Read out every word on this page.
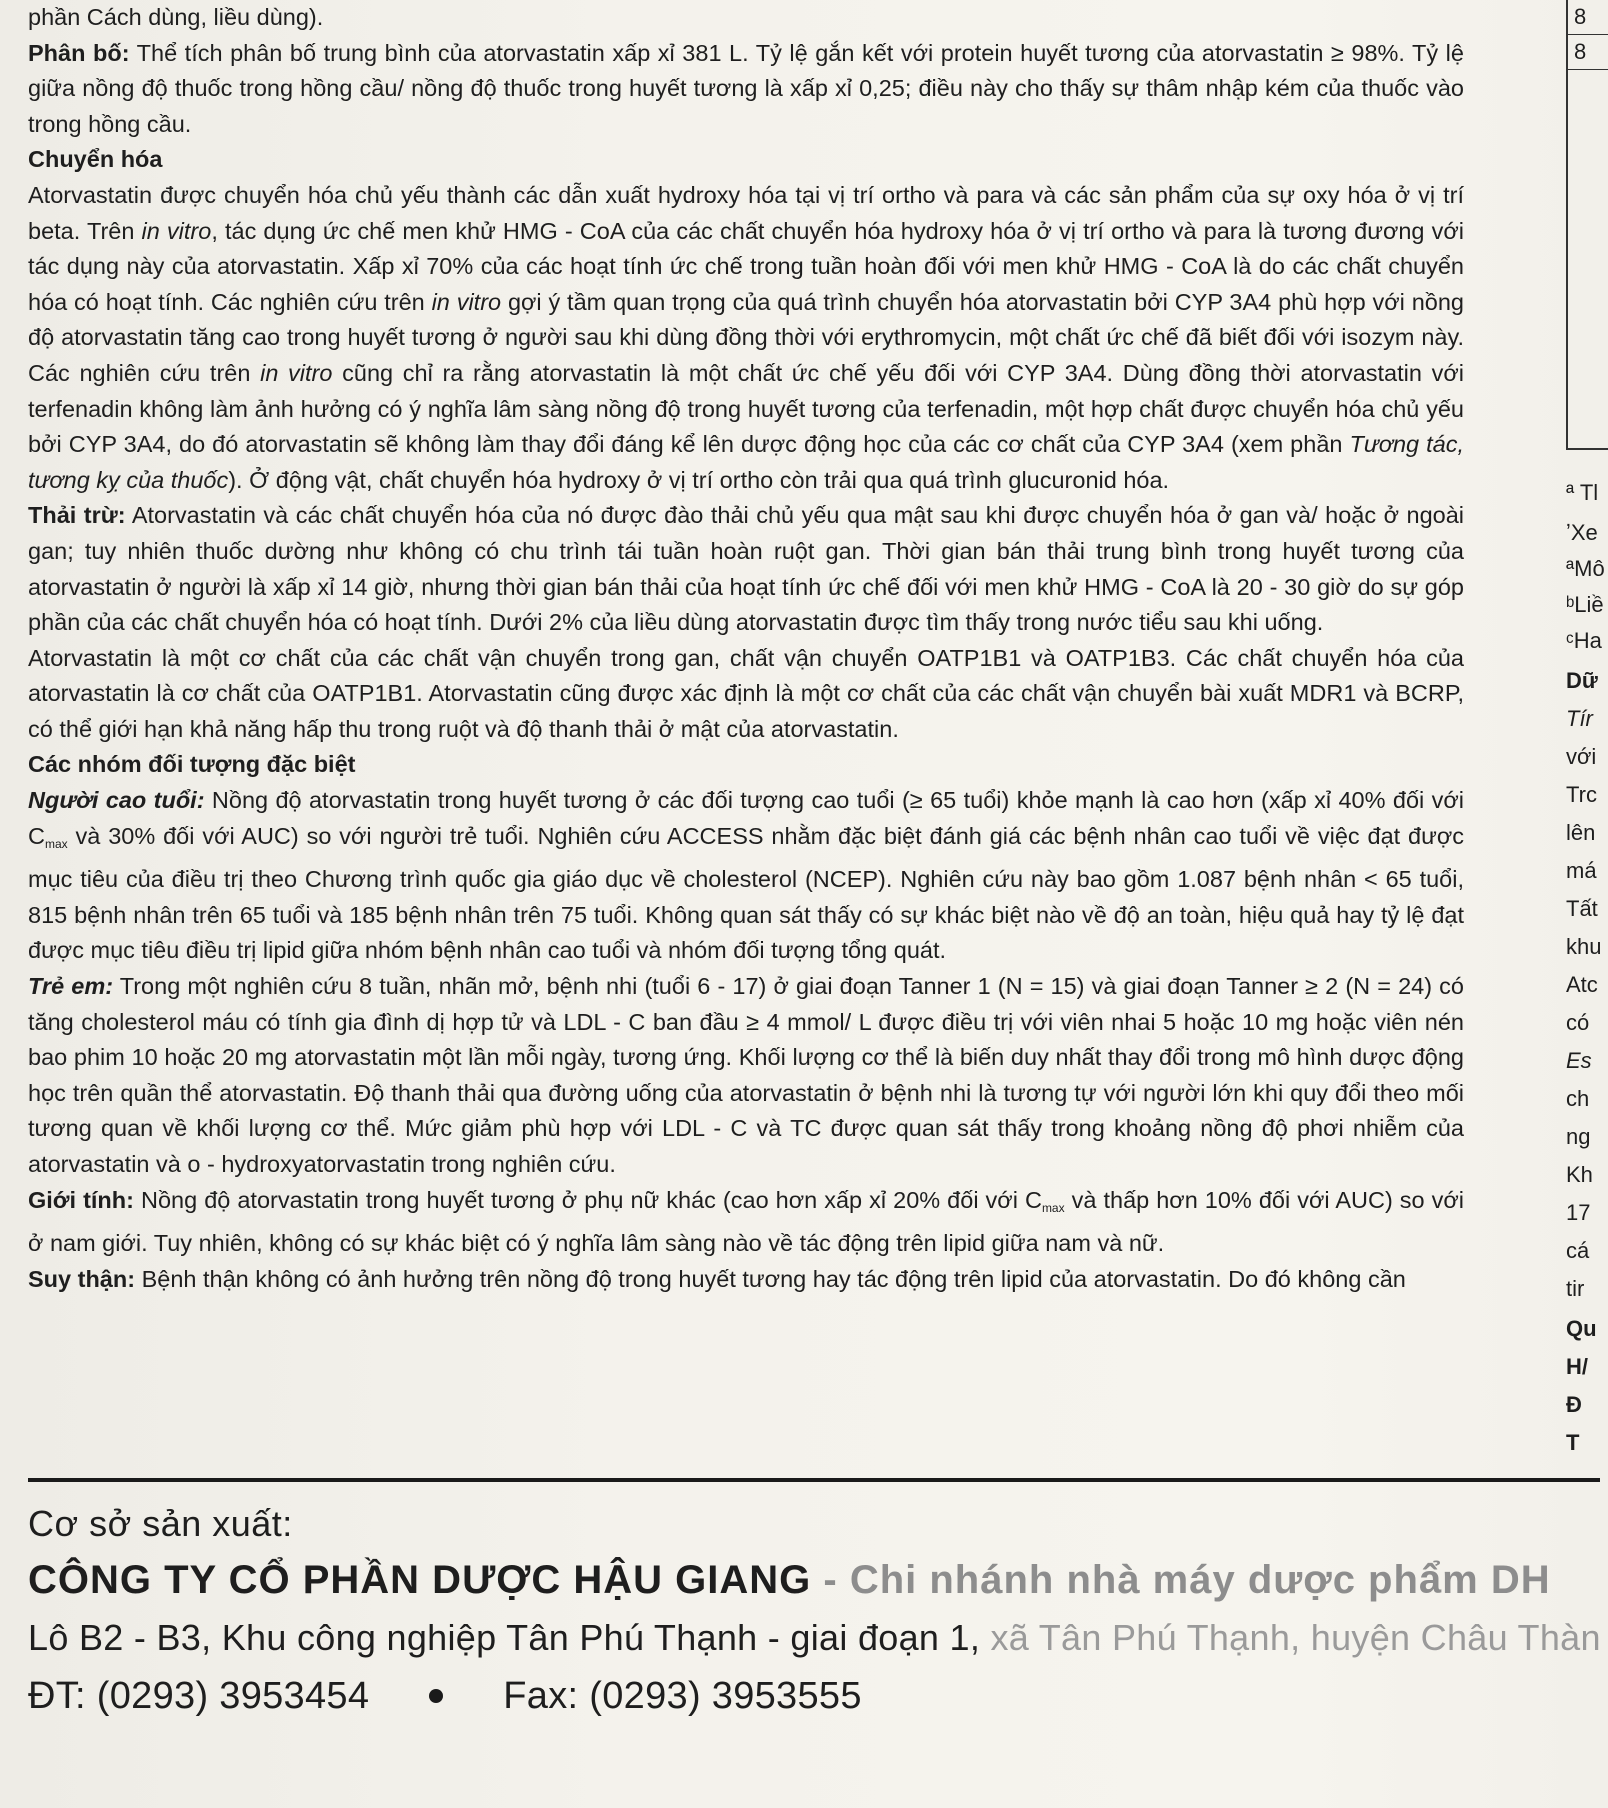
phần Cách dùng, liều dùng).

Phân bố: Thể tích phân bố trung bình của atorvastatin xấp xỉ 381 L. Tỷ lệ gắn kết với protein huyết tương của atorvastatin ≥ 98%. Tỷ lệ giữa nồng độ thuốc trong hồng cầu/ nồng độ thuốc trong huyết tương là xấp xỉ 0,25; điều này cho thấy sự thâm nhập kém của thuốc vào trong hồng cầu.

Chuyển hóa

Atorvastatin được chuyển hóa chủ yếu thành các dẫn xuất hydroxy hóa tại vị trí ortho và para và các sản phẩm của sự oxy hóa ở vị trí beta. Trên in vitro, tác dụng ức chế men khử HMG - CoA của các chất chuyển hóa hydroxy hóa ở vị trí ortho và para là tương đương với tác dụng này của atorvastatin. Xấp xỉ 70% của các hoạt tính ức chế trong tuần hoàn đối với men khử HMG - CoA là do các chất chuyển hóa có hoạt tính. Các nghiên cứu trên in vitro gợi ý tầm quan trọng của quá trình chuyển hóa atorvastatin bởi CYP 3A4 phù hợp với nồng độ atorvastatin tăng cao trong huyết tương ở người sau khi dùng đồng thời với erythromycin, một chất ức chế đã biết đối với isozym này. Các nghiên cứu trên in vitro cũng chỉ ra rằng atorvastatin là một chất ức chế yếu đối với CYP 3A4. Dùng đồng thời atorvastatin với terfenadin không làm ảnh hưởng có ý nghĩa lâm sàng nồng độ trong huyết tương của terfenadin, một hợp chất được chuyển hóa chủ yếu bởi CYP 3A4, do đó atorvastatin sẽ không làm thay đổi đáng kể lên dược động học của các cơ chất của CYP 3A4 (xem phần Tương tác, tương kỵ của thuốc). Ở động vật, chất chuyển hóa hydroxy ở vị trí ortho còn trải qua quá trình glucuronid hóa.

Thải trừ: Atorvastatin và các chất chuyển hóa của nó được đào thải chủ yếu qua mật sau khi được chuyển hóa ở gan và/ hoặc ở ngoài gan; tuy nhiên thuốc dường như không có chu trình tái tuần hoàn ruột gan. Thời gian bán thải trung bình trong huyết tương của atorvastatin ở người là xấp xỉ 14 giờ, nhưng thời gian bán thải của hoạt tính ức chế đối với men khử HMG - CoA là 20 - 30 giờ do sự góp phần của các chất chuyển hóa có hoạt tính. Dưới 2% của liều dùng atorvastatin được tìm thấy trong nước tiểu sau khi uống.

Atorvastatin là một cơ chất của các chất vận chuyển trong gan, chất vận chuyển OATP1B1 và OATP1B3. Các chất chuyển hóa của atorvastatin là cơ chất của OATP1B1. Atorvastatin cũng được xác định là một cơ chất của các chất vận chuyển bài xuất MDR1 và BCRP, có thể giới hạn khả năng hấp thu trong ruột và độ thanh thải ở mật của atorvastatin.

Các nhóm đối tượng đặc biệt

Người cao tuổi: Nồng độ atorvastatin trong huyết tương ở các đối tượng cao tuổi (≥ 65 tuổi) khỏe mạnh là cao hơn (xấp xỉ 40% đối với $C_{max}$ và 30% đối với AUC) so với người trẻ tuổi. Nghiên cứu ACCESS nhằm đặc biệt đánh giá các bệnh nhân cao tuổi về việc đạt được mục tiêu của điều trị theo Chương trình quốc gia giáo dục về cholesterol (NCEP). Nghiên cứu này bao gồm 1.087 bệnh nhân < 65 tuổi, 815 bệnh nhân trên 65 tuổi và 185 bệnh nhân trên 75 tuổi. Không quan sát thấy có sự khác biệt nào về độ an toàn, hiệu quả hay tỷ lệ đạt được mục tiêu điều trị lipid giữa nhóm bệnh nhân cao tuổi và nhóm đối tượng tổng quát.

Trẻ em: Trong một nghiên cứu 8 tuần, nhãn mở, bệnh nhi (tuổi 6 - 17) ở giai đoạn Tanner 1 (N = 15) và giai đoạn Tanner ≥ 2 (N = 24) có tăng cholesterol máu có tính gia đình dị hợp tử và LDL - C ban đầu ≥ 4 mmol/ L được điều trị với viên nhai 5 hoặc 10 mg hoặc viên nén bao phim 10 hoặc 20 mg atorvastatin một lần mỗi ngày, tương ứng. Khối lượng cơ thể là biến duy nhất thay đổi trong mô hình dược động học trên quần thể atorvastatin. Độ thanh thải qua đường uống của atorvastatin ở bệnh nhi là tương tự với người lớn khi quy đổi theo mối tương quan về khối lượng cơ thể. Mức giảm phù hợp với LDL - C và TC được quan sát thấy trong khoảng nồng độ phơi nhiễm của atorvastatin và o - hydroxyatorvastatin trong nghiên cứu.

Giới tính: Nồng độ atorvastatin trong huyết tương ở phụ nữ khác (cao hơn xấp xỉ 20% đối với $C_{max}$ và thấp hơn 10% đối với AUC) so với ở nam giới. Tuy nhiên, không có sự khác biệt có ý nghĩa lâm sàng nào về tác động trên lipid giữa nam và nữ.

Suy thận: Bệnh thận không có ảnh hưởng trên nồng độ trong huyết tương hay tác động trên lipid của atorvastatin. Do đó không cần

8
8
ª Tl
ʼXe
ªMô
ᵇLiề
ᶜHa
Dữ
Tír
với
Trc
lên
má
Tất
khu
Atc
có
Es
ch
ng
Kh
17
cá
tir
Qu
H/
Đ
T
Cơ sở sản xuất:
CÔNG TY CỔ PHẦN DƯỢC HẬU GIANG - Chi nhánh nhà máy dược phẩm DH
Lô B2 - B3, Khu công nghiệp Tân Phú Thạnh - giai đoạn 1, xã Tân Phú Thạnh, huyện Châu Thàn
ĐT: (0293) 3953454	Fax: (0293) 3953555
